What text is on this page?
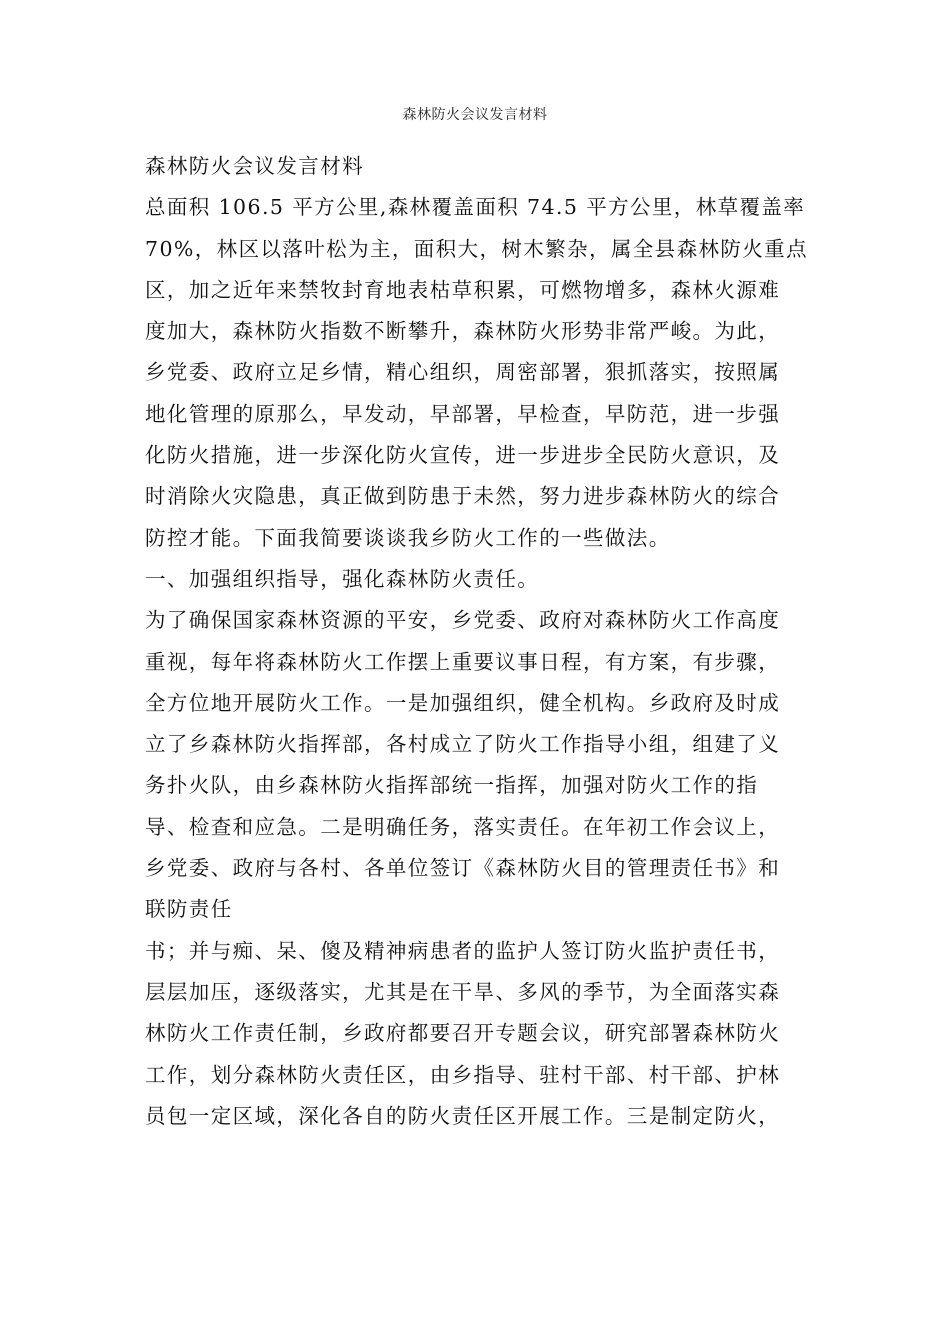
森林防火会议发言材料
森林防火会议发言材料
总面积 106.5 平方公里,森林覆盖面积 74.5 平方公里，林草覆盖率
70%，林区以落叶松为主，面积大，树木繁杂，属全县森林防火重点
区，加之近年来禁牧封育地表枯草积累，可燃物增多，森林火源难
度加大，森林防火指数不断攀升，森林防火形势非常严峻。为此，
乡党委、政府立足乡情，精心组织，周密部署，狠抓落实，按照属
地化管理的原那么，早发动，早部署，早检查，早防范，进一步强
化防火措施，进一步深化防火宣传，进一步进步全民防火意识，及
时消除火灾隐患，真正做到防患于未然，努力进步森林防火的综合
防控才能。下面我简要谈谈我乡防火工作的一些做法。
一、加强组织指导，强化森林防火责任。
为了确保国家森林资源的平安，乡党委、政府对森林防火工作高度
重视，每年将森林防火工作摆上重要议事日程，有方案，有步骤，
全方位地开展防火工作。一是加强组织，健全机构。乡政府及时成
立了乡森林防火指挥部，各村成立了防火工作指导小组，组建了义
务扑火队，由乡森林防火指挥部统一指挥，加强对防火工作的指
导、检查和应急。二是明确任务，落实责任。在年初工作会议上，
乡党委、政府与各村、各单位签订《森林防火目的管理责任书》和
联防责任
书；并与痴、呆、傻及精神病患者的监护人签订防火监护责任书，
层层加压，逐级落实，尤其是在干旱、多风的季节，为全面落实森
林防火工作责任制，乡政府都要召开专题会议，研究部署森林防火
工作，划分森林防火责任区，由乡指导、驻村干部、村干部、护林
员包一定区域，深化各自的防火责任区开展工作。三是制定防火，
